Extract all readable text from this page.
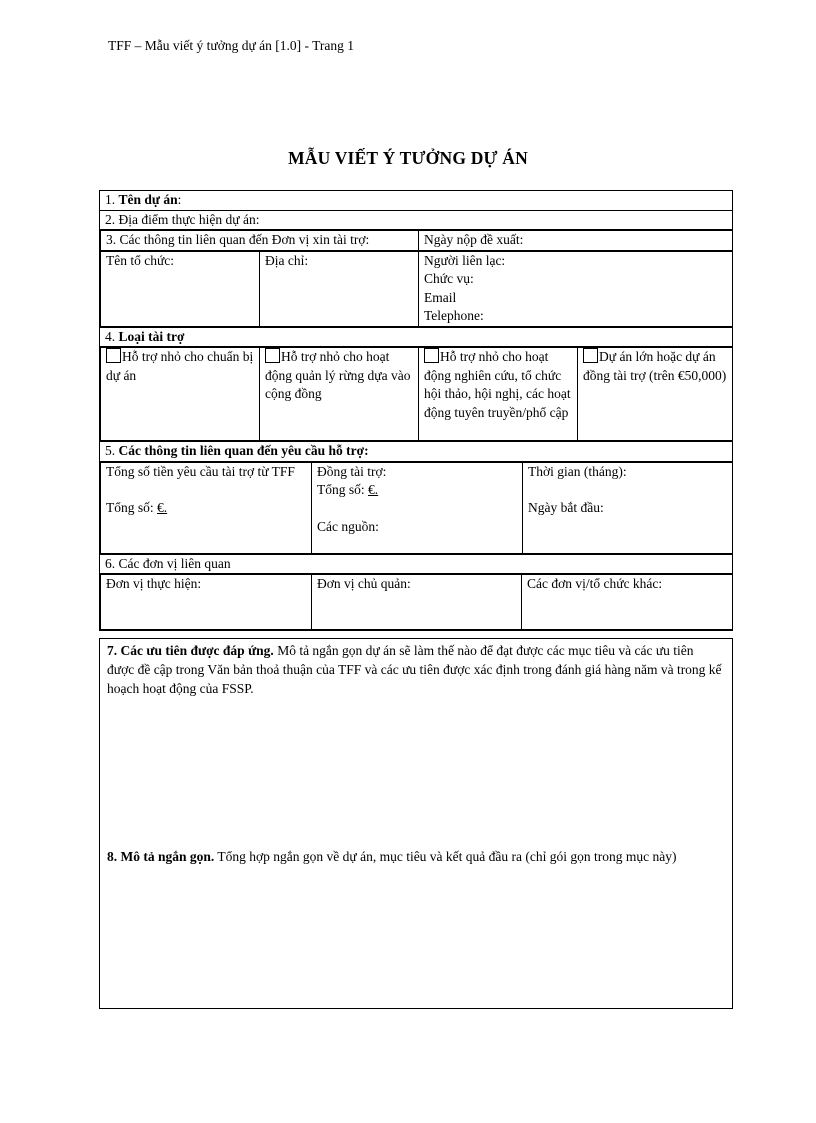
TFF – Mẫu viết ý tưởng dự án [1.0] - Trang 1
MẪU VIẾT Ý TƯỞNG DỰ ÁN
1. Tên dự án:
2. Địa điểm thực hiện dự án:

3. Các thông tin liên quan đến Đơn vị xin tài trợ:	Ngày nộp đề xuất:
Tên tổ chức:	Địa chỉ:	Người liên lạc:
Chức vụ:
Email
Telephone:

4. Loại tài trợ

Hỗ trợ nhỏ cho chuẩn bị dự án	Hỗ trợ nhỏ cho hoạt động quản lý rừng dựa vào cộng đồng	Hỗ trợ nhỏ cho hoạt động nghiên cứu, tổ chức hội thảo, hội nghị, các hoạt động tuyên truyền/phổ cập	Dự án lớn hoặc dự án đồng tài trợ (trên €50,000)

5. Các thông tin liên quan đến yêu cầu hỗ trợ:

Tổng số tiền yêu cầu tài trợ từ TFF
Tổng số: €.

Đồng tài trợ:
Tổng số: €.
Các nguồn:

Thời gian (tháng):
Ngày bắt đầu:

6. Các đơn vị liên quan

Đơn vị thực hiện:	Đơn vị chủ quản:	Các đơn vị/tổ chức khác:

7. Các ưu tiên được đáp ứng. Mô tả ngắn gọn dự án sẽ làm thế nào để đạt được các mục tiêu và các ưu tiên được đề cập trong Văn bản thoả thuận của TFF và các ưu tiên được xác định trong đánh giá hàng năm và trong kế hoạch hoạt động của FSSP.

8. Mô tả ngắn gọn. Tổng hợp ngắn gọn về dự án, mục tiêu và kết quả đầu ra (chỉ gói gọn trong mục này)
